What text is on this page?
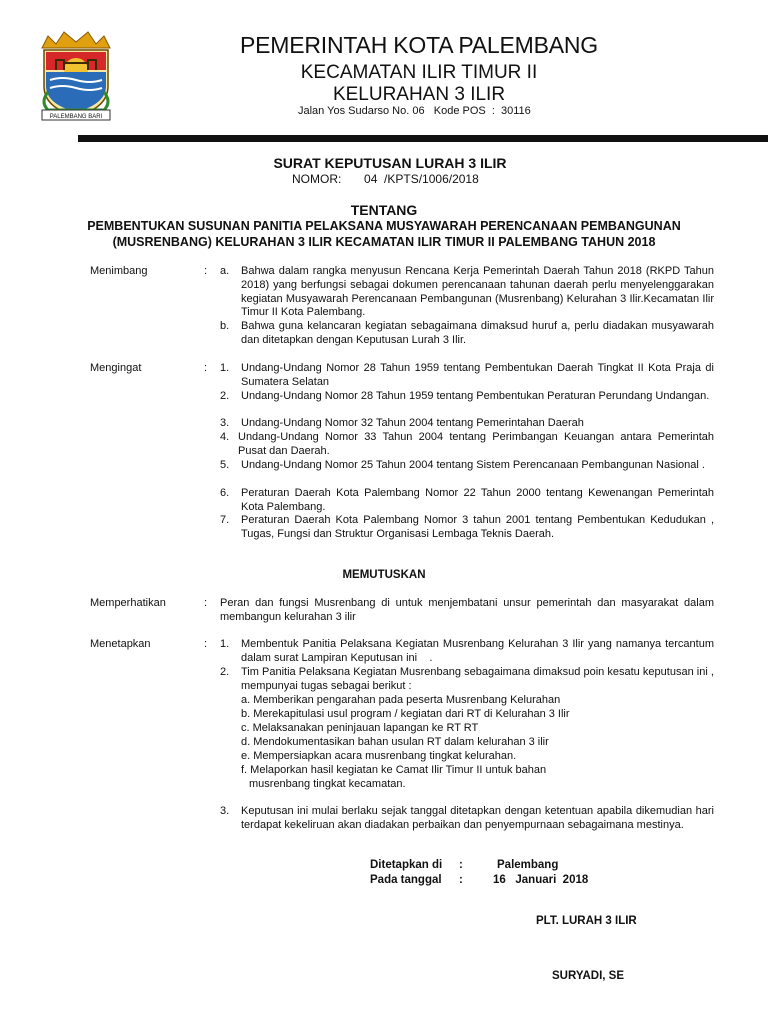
PALEMBANG BARI
PEMERINTAH KOTA PALEMBANG
KECAMATAN ILIR TIMUR II
KELURAHAN 3 ILIR
Jalan Yos Sudarso No. 06   Kode POS  :  30116
SURAT KEPUTUSAN LURAH 3 ILIR
NOMOR: 04  /KPTS/1006/2018
TENTANG
PEMBENTUKAN SUSUNAN PANITIA PELAKSANA MUSYAWARAH PERENCANAAN PEMBANGUNAN (MUSRENBANG) KELURAHAN 3 ILIR KECAMATAN ILIR TIMUR II PALEMBANG TAHUN 2018
Menimbang	: a. Bahwa dalam rangka menyusun Rencana Kerja Pemerintah Daerah Tahun 2018 (RKPD Tahun 2018) yang berfungsi sebagai dokumen perencanaan tahunan daerah perlu menyelenggarakan kegiatan Musyawarah Perencanaan Pembangunan (Musrenbang) Kelurahan 3 Ilir.Kecamatan Ilir Timur II Kota Palembang.
b. Bahwa guna kelancaran kegiatan sebagaimana dimaksud huruf a, perlu diadakan musyawarah dan ditetapkan dengan Keputusan Lurah 3 Ilir.
Mengingat	: 1. Undang-Undang Nomor 28 Tahun 1959 tentang Pembentukan Daerah Tingkat II Kota Praja di Sumatera Selatan
2. Undang-Undang Nomor 28 Tahun 1959 tentang Pembentukan Peraturan Perundang Undangan.
3. Undang-Undang Nomor 32 Tahun 2004 tentang Pemerintahan Daerah
4. Undang-Undang Nomor 33 Tahun 2004 tentang Perimbangan Keuangan antara Pemerintah Pusat dan Daerah.
5. Undang-Undang Nomor 25 Tahun 2004 tentang Sistem Perencanaan Pembangunan Nasional .
6. Peraturan Daerah Kota Palembang Nomor 22 Tahun 2000 tentang Kewenangan Pemerintah Kota Palembang.
7. Peraturan Daerah Kota Palembang Nomor 3 tahun 2001 tentang Pembentukan Kedudukan , Tugas, Fungsi dan Struktur Organisasi Lembaga Teknis Daerah.
MEMUTUSKAN
Memperhatikan	: Peran dan fungsi Musrenbang di untuk menjembatani unsur pemerintah dan masyarakat dalam membangun kelurahan 3 ilir
Menetapkan	: 1. Membentuk Panitia Pelaksana Kegiatan Musrenbang Kelurahan 3 Ilir yang namanya tercantum dalam surat Lampiran Keputusan ini    .
2. Tim Panitia Pelaksana Kegiatan Musrenbang sebagaimana dimaksud poin kesatu keputusan ini , mempunyai tugas sebagai berikut :
a. Memberikan pengarahan pada peserta Musrenbang Kelurahan
b. Merekapitulasi usul program / kegiatan dari RT di Kelurahan 3 Ilir
c. Melaksanakan peninjauan lapangan ke RT RT
d. Mendokumentasikan bahan usulan RT dalam kelurahan 3 ilir
e. Mempersiapkan acara musrenbang tingkat kelurahan.
f. Melaporkan hasil kegiatan ke Camat Ilir Timur II untuk bahan
musrenbang tingkat kecamatan.
3. Keputusan ini mulai berlaku sejak tanggal ditetapkan dengan ketentuan apabila dikemudian hari terdapat kekeliruan akan diadakan perbaikan dan penyempurnaan sebagaimana mestinya.
Ditetapkan di :	Palembang
Pada tanggal :	16   Januari  2018
PLT. LURAH 3 ILIR
SURYADI, SE
